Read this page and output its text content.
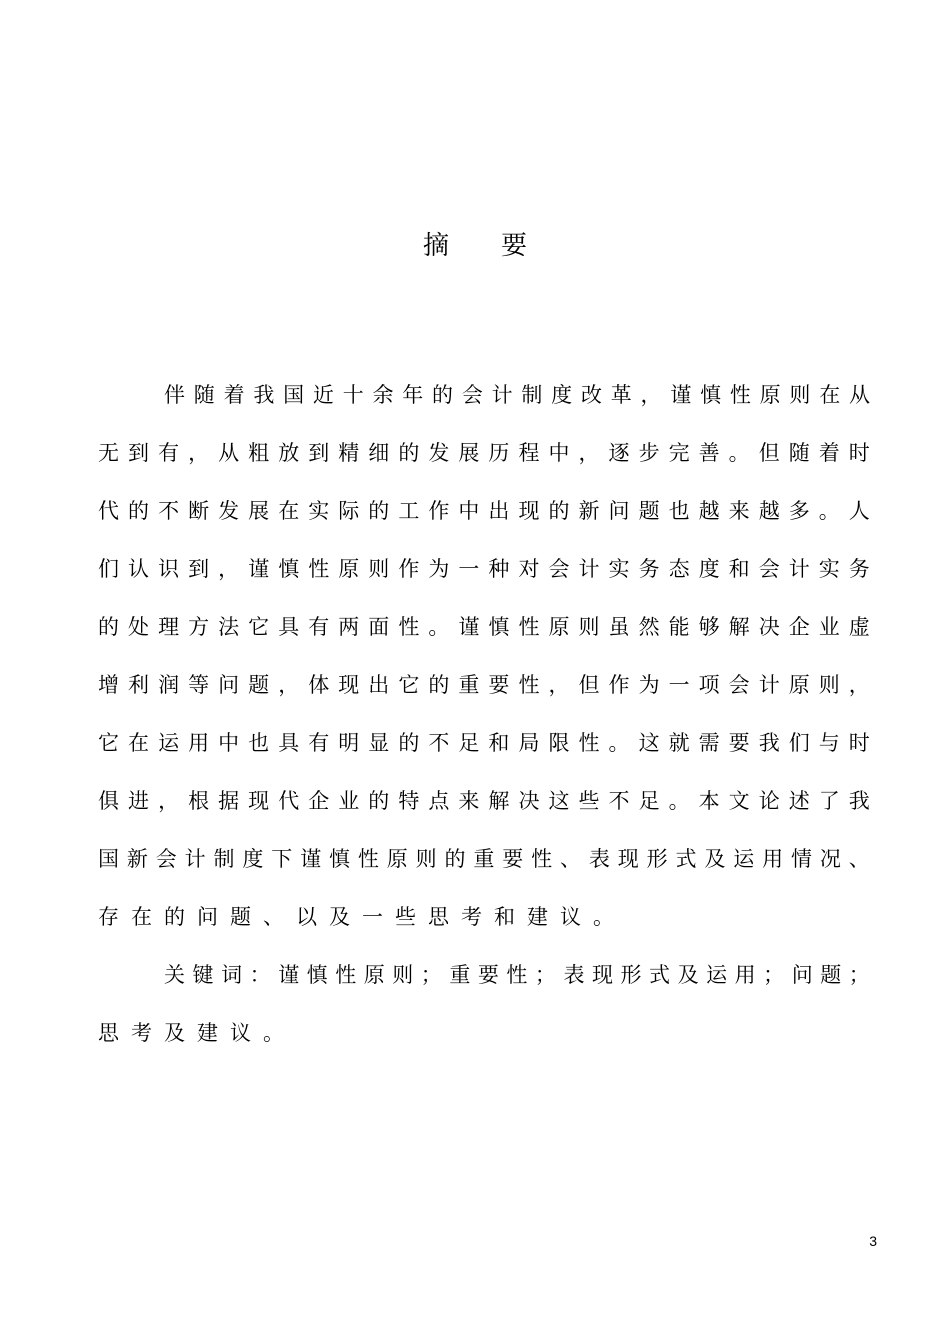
摘 要
伴 随 着 我 国 近 十 余 年 的 会 计 制 度 改 革 ， 谨 慎 性 原 则 在 从
无 到 有 ， 从 粗 放 到 精 细 的 发 展 历 程 中 ， 逐 步 完 善 。 但 随 着 时
代 的 不 断 发 展 在 实 际 的 工 作 中 出 现 的 新 问 题 也 越 来 越 多 。 人
们 认 识 到 ， 谨 慎 性 原 则 作 为 一 种 对 会 计 实 务 态 度 和 会 计 实 务
的 处 理 方 法 它 具 有 两 面 性 。 谨 慎 性 原 则 虽 然 能 够 解 决 企 业 虚
增 利 润 等 问 题 ， 体 现 出 它 的 重 要 性 ， 但 作 为 一 项 会 计 原 则 ，
它 在 运 用 中 也 具 有 明 显 的 不 足 和 局 限 性 。 这 就 需 要 我 们 与 时
俱 进 ， 根 据 现 代 企 业 的 特 点 来 解 决 这 些 不 足 。 本 文 论 述 了 我
国 新 会 计 制 度 下 谨 慎 性 原 则 的 重 要 性 、 表 现 形 式 及 运 用 情 况 、
存 在 的 问 题 、 以 及 一 些 思 考 和 建 议 。
关 键 词 ： 谨 慎 性 原 则 ； 重 要 性 ； 表 现 形 式 及 运 用 ； 问 题 ；
思 考 及 建 议 。
3
